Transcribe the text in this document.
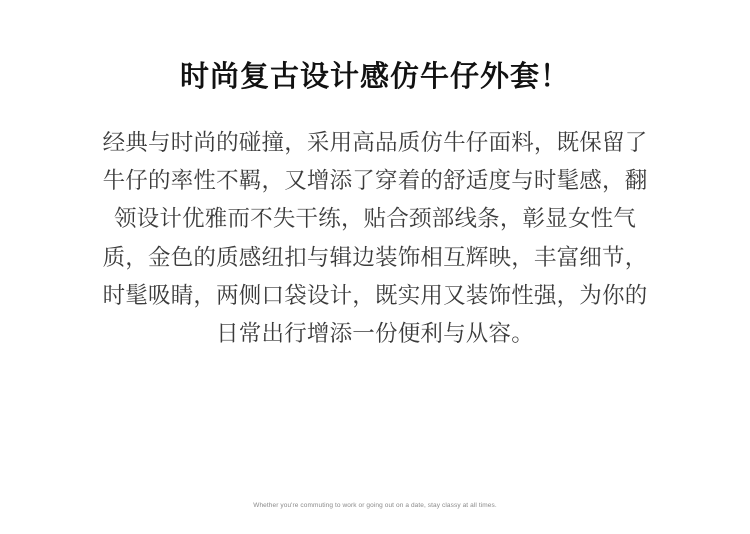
时尚复古设计感仿牛仔外套！

经典与时尚的碰撞，采用高品质仿牛仔面料，既保留了牛仔的率性不羁，又增添了穿着的舒适度与时髦感，翻领设计优雅而不失干练，贴合颈部线条，彰显女性气质，金色的质感纽扣与辑边装饰相互辉映，丰富细节，时髦吸睛，两侧口袋设计，既实用又装饰性强，为你的日常出行增添一份便利与从容。

Whether you're commuting to work or going out on a date, stay classy at all times.
